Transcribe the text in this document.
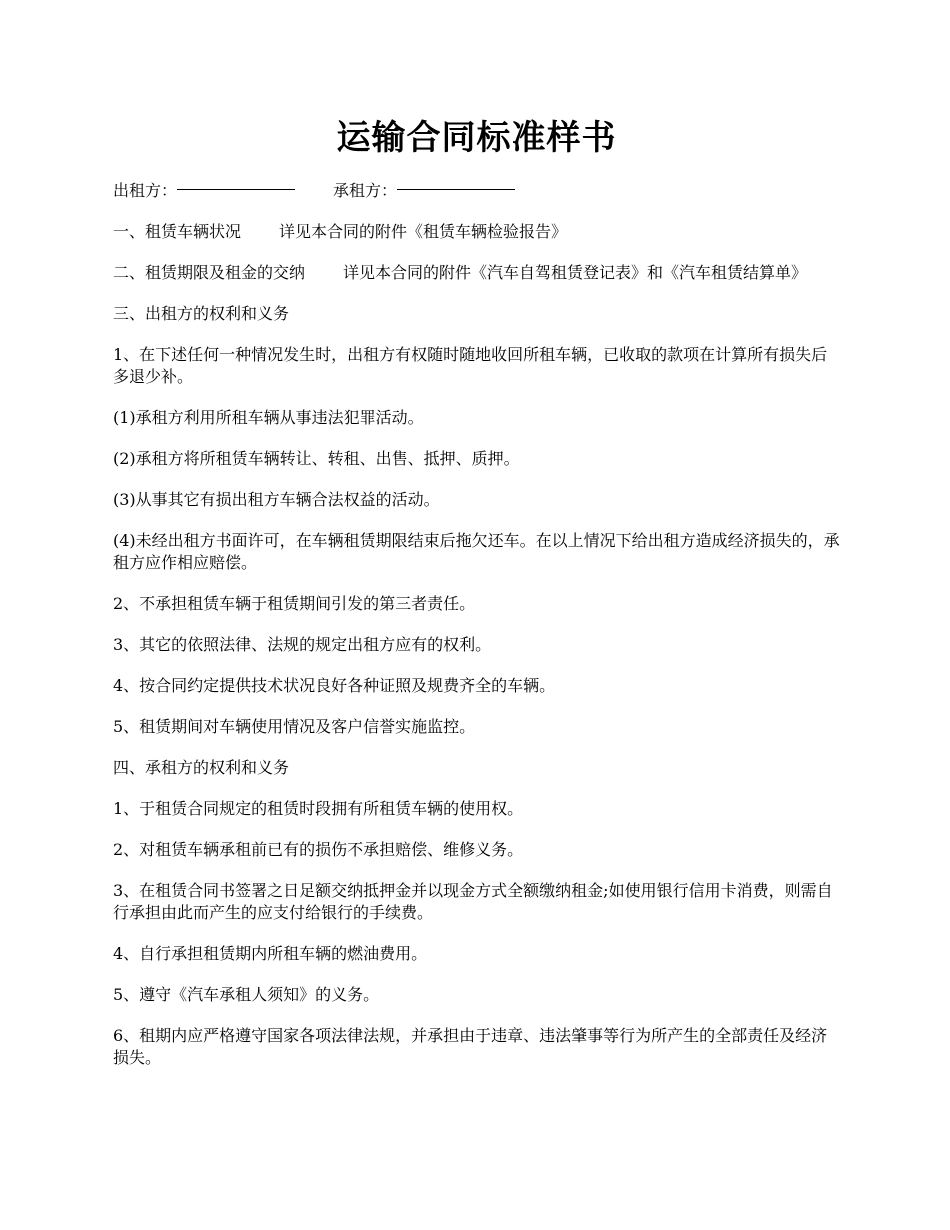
运输合同标准样书
出租方：	承租方：

一、租赁车辆状况 详见本合同的附件《租赁车辆检验报告》

二、租赁期限及租金的交纳 详见本合同的附件《汽车自驾租赁登记表》和《汽车租赁结算单》

三、出租方的权利和义务

1、在下述任何一种情况发生时，出租方有权随时随地收回所租车辆，已收取的款项在计算所有损失后多退少补。

(1)承租方利用所租车辆从事违法犯罪活动。

(2)承租方将所租赁车辆转让、转租、出售、抵押、质押。

(3)从事其它有损出租方车辆合法权益的活动。

(4)未经出租方书面许可，在车辆租赁期限结束后拖欠还车。在以上情况下给出租方造成经济损失的，承租方应作相应赔偿。

2、不承担租赁车辆于租赁期间引发的第三者责任。

3、其它的依照法律、法规的规定出租方应有的权利。

4、按合同约定提供技术状况良好各种证照及规费齐全的车辆。

5、租赁期间对车辆使用情况及客户信誉实施监控。

四、承租方的权利和义务

1、于租赁合同规定的租赁时段拥有所租赁车辆的使用权。

2、对租赁车辆承租前已有的损伤不承担赔偿、维修义务。

3、在租赁合同书签署之日足额交纳抵押金并以现金方式全额缴纳租金;如使用银行信用卡消费，则需自行承担由此而产生的应支付给银行的手续费。

4、自行承担租赁期内所租车辆的燃油费用。

5、遵守《汽车承租人须知》的义务。

6、租期内应严格遵守国家各项法律法规，并承担由于违章、违法肇事等行为所产生的全部责任及经济损失。
